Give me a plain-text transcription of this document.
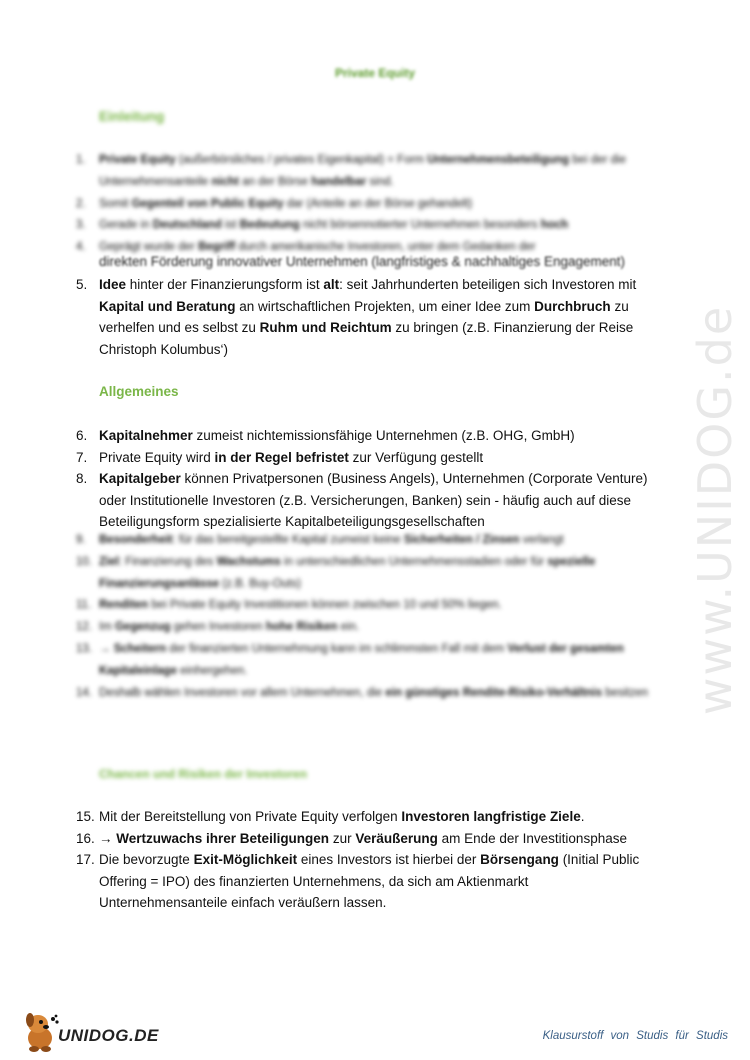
Private Equity
Einleitung
1. Private Equity (außerbörsliches / privates Eigenkapital) = Form Unternehmensbeteiligung bei der die Unternehmensanteile nicht an der Börse handelbar sind.
2. Somit Gegenteil von Public Equity dar (Anteile an der Börse gehandelt)
3. Gerade in Deutschland ist Bedeutung nicht börsennotierter Unternehmen besonders hoch
4. Geprägt wurde der Begriff durch amerikanische Investoren, unter dem Gedanken der
direkten Förderung innovativer Unternehmen (langfristiges & nachhaltiges Engagement)
5. Idee hinter der Finanzierungsform ist alt: seit Jahrhunderten beteiligen sich Investoren mit Kapital und Beratung an wirtschaftlichen Projekten, um einer Idee zum Durchbruch zu verhelfen und es selbst zu Ruhm und Reichtum zu bringen (z.B. Finanzierung der Reise Christoph Kolumbus‘)
Allgemeines
6. Kapitalnehmer zumeist nichtemissionsfähige Unternehmen (z.B. OHG, GmbH)
7. Private Equity wird in der Regel befristet zur Verfügung gestellt
8. Kapitalgeber können Privatpersonen (Business Angels), Unternehmen (Corporate Venture) oder Institutionelle Investoren (z.B. Versicherungen, Banken) sein - häufig auch auf diese Beteiligungsform spezialisierte Kapitalbeteiligungsgesellschaften
9. Besonderheit: für das bereitgestellte Kapital zumeist keine Sicherheiten / Zinsen verlangt
10. Ziel: Finanzierung des Wachstums in unterschiedlichen Unternehmensstadien oder für spezielle Finanzierungsanlässe (z.B. Buy-Outs)
11. Renditen bei Private Equity Investitionen können zwischen 10 und 50% liegen.
12. Im Gegenzug gehen Investoren hohe Risiken ein.
13. → Scheitern der finanzierten Unternehmung kann im schlimmsten Fall mit dem Verlust der gesamten Kapitaleinlage einhergehen.
14. Deshalb wählen Investoren vor allem Unternehmen, die ein günstiges Rendite-Risiko-Verhältnis besitzen
Chancen und Risiken der Investoren
15. Mit der Bereitstellung von Private Equity verfolgen Investoren langfristige Ziele.
16. → Wertzuwachs ihrer Beteiligungen zur Veräußerung am Ende der Investitionsphase
17. Die bevorzugte Exit-Möglichkeit eines Investors ist hierbei der Börsengang (Initial Public Offering = IPO) des finanzierten Unternehmens, da sich am Aktienmarkt Unternehmensanteile einfach veräußern lassen.
www.UNIDOG.de
UNIDOG.DE	Klausurstoff von Studis für Studis
